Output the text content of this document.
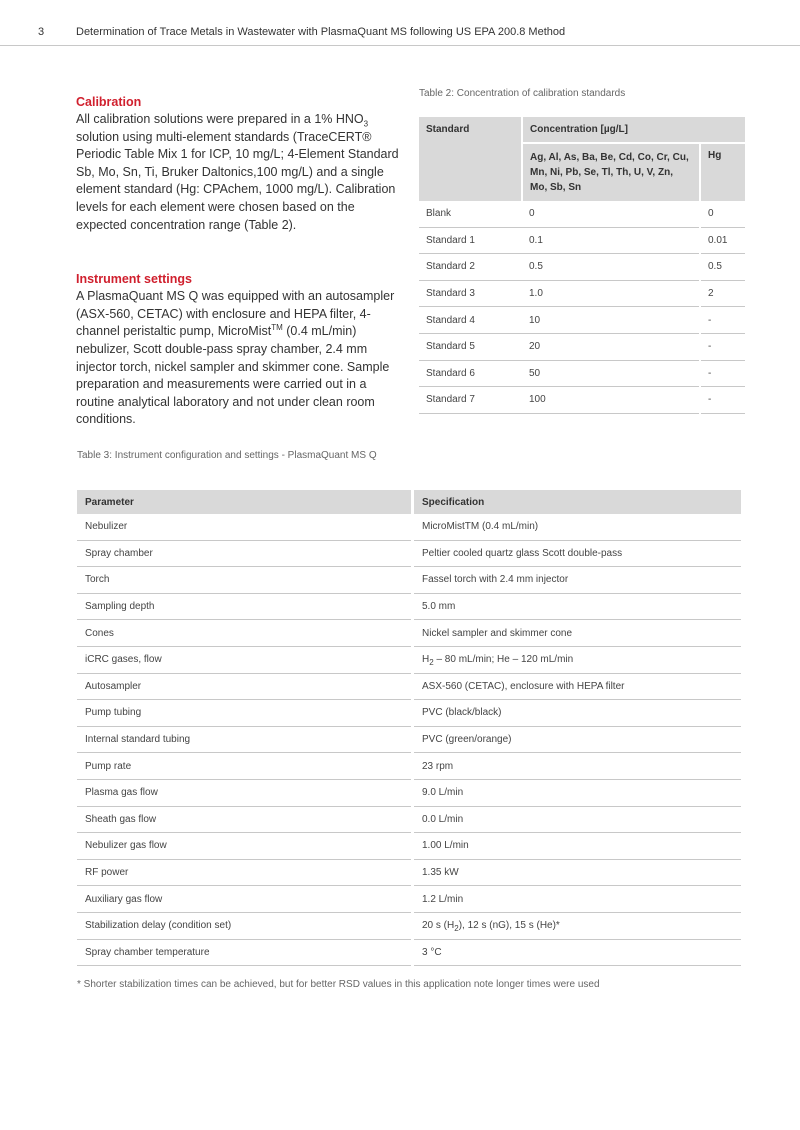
3	Determination of Trace Metals in Wastewater with PlasmaQuant MS following US EPA 200.8 Method
Calibration

All calibration solutions were prepared in a 1% $HNO_3$ solution using multi-element standards (TraceCERT® Periodic Table Mix 1 for ICP, 10 mg/L; 4-Element Standard Sb, Mo, Sn, Ti, Bruker Daltonics,100 mg/L) and a single element standard (Hg: CPAchem, 1000 mg/L). Calibration levels for each element were chosen based on the expected concentration range (Table 2).

Instrument settings

A PlasmaQuant MS Q was equipped with an autosampler (ASX-560, CETAC) with enclosure and HEPA filter, 4-channel peristaltic pump, MicroMist™ (0.4 mL/min) nebulizer, Scott double-pass spray chamber, 2.4 mm injector torch, nickel sampler and skimmer cone. Sample preparation and measurements were carried out in a routine analytical laboratory and not under clean room conditions.

Table 2: Concentration of calibration standards
Standard	Concentration [µg/L]	
	Ag, Al, As, Ba, Be, Cd, Co, Cr, Cu, Mn, Ni, Pb, Se, Tl, Th, U, V, Zn, Mo, Sb, Sn	Hg
Blank	0	0
Standard 1	0.1	0.01
Standard 2	0.5	0.5
Standard 3	1.0	2
Standard 4	10	-
Standard 5	20	-
Standard 6	50	-
Standard 7	100	-
Table 3: Instrument configuration and settings - PlasmaQuant MS Q
Parameter	Specification
Nebulizer	MicroMistTM (0.4 mL/min)
Spray chamber	Peltier cooled quartz glass Scott double-pass
Torch	Fassel torch with 2.4 mm injector
Sampling depth	5.0 mm
Cones	Nickel sampler and skimmer cone
iCRC gases, flow	$H_2 - 80$ mL/min; He – 120 mL/min
Autosampler	ASX-560 (CETAC), enclosure with HEPA filter
Pump tubing	PVC (black/black)
Internal standard tubing	PVC (green/orange)
Pump rate	23 rpm
Plasma gas flow	9.0 L/min
Sheath gas flow	0.0 L/min
Nebulizer gas flow	1.00 L/min
RF power	1.35 kW
Auxiliary gas flow	1.2 L/min
Stabilization delay (condition set)	20 s $(H_2)$, 12 s (nG), 15 s (He)*
Spray chamber temperature	3 °C
* Shorter stabilization times can be achieved, but for better RSD values in this application note longer times were used
